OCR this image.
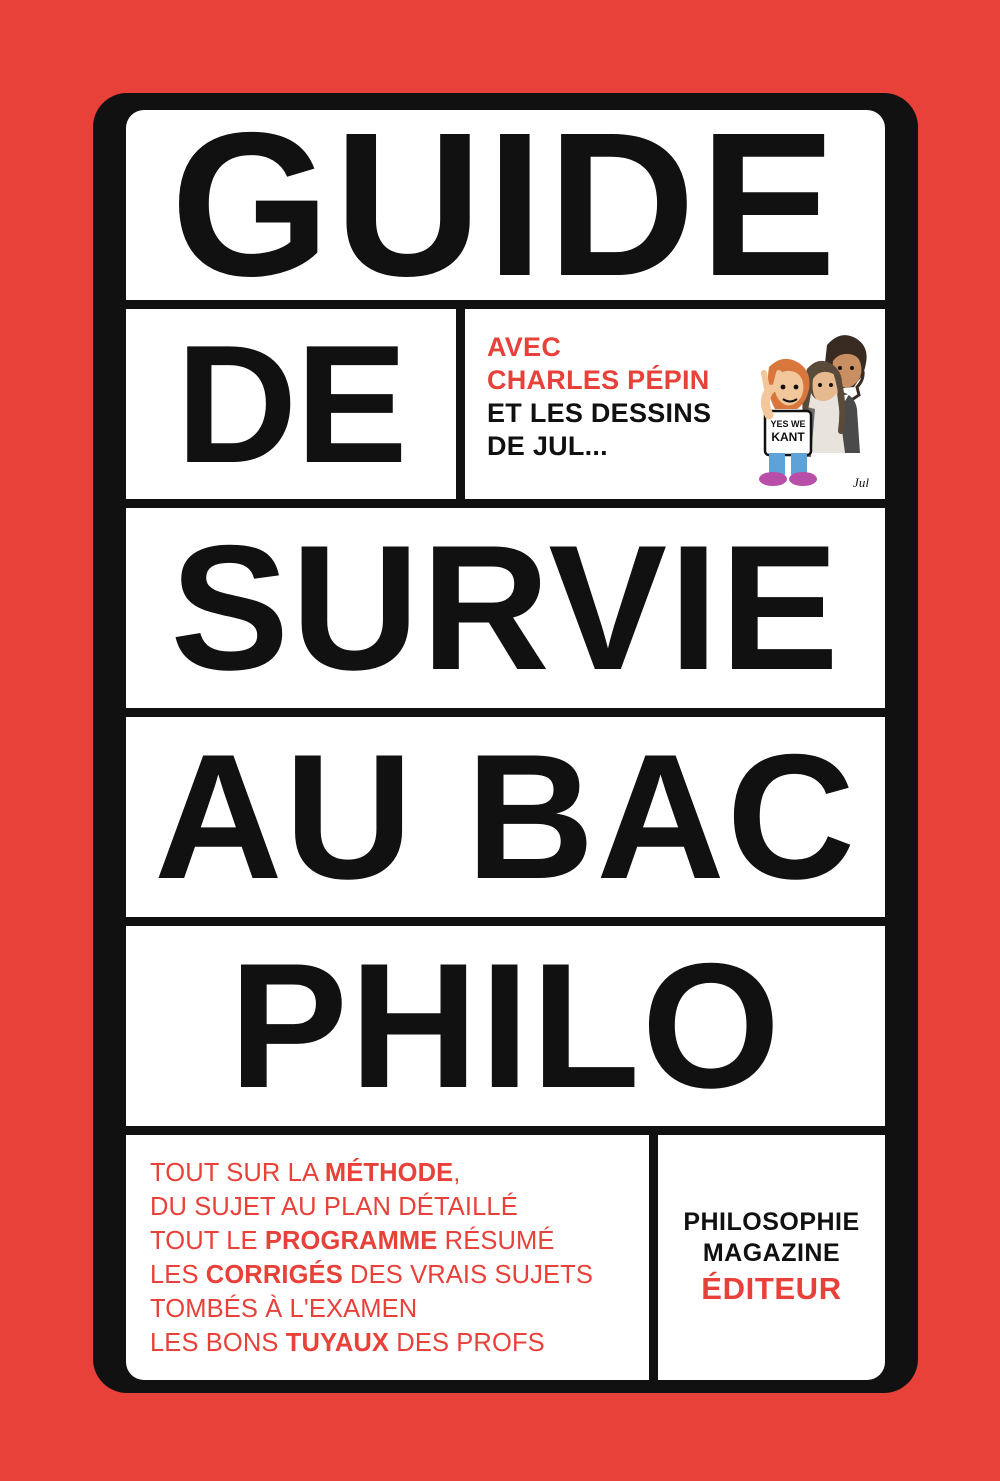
GUIDE
DE	AVEC
CHARLES PÉPIN
ET LES DESSINS
DE JUL...
YES WE
KANT
Jul
SURVIE
AU BAC
PHILO
TOUT SUR LA MÉTHODE,
DU SUJET AU PLAN DÉTAILLÉ
TOUT LE PROGRAMME RÉSUMÉ
LES CORRIGÉS DES VRAIS SUJETS
TOMBÉS À L'EXAMEN
LES BONS TUYAUX DES PROFS
PHILOSOPHIE
MAGAZINE
ÉDITEUR
